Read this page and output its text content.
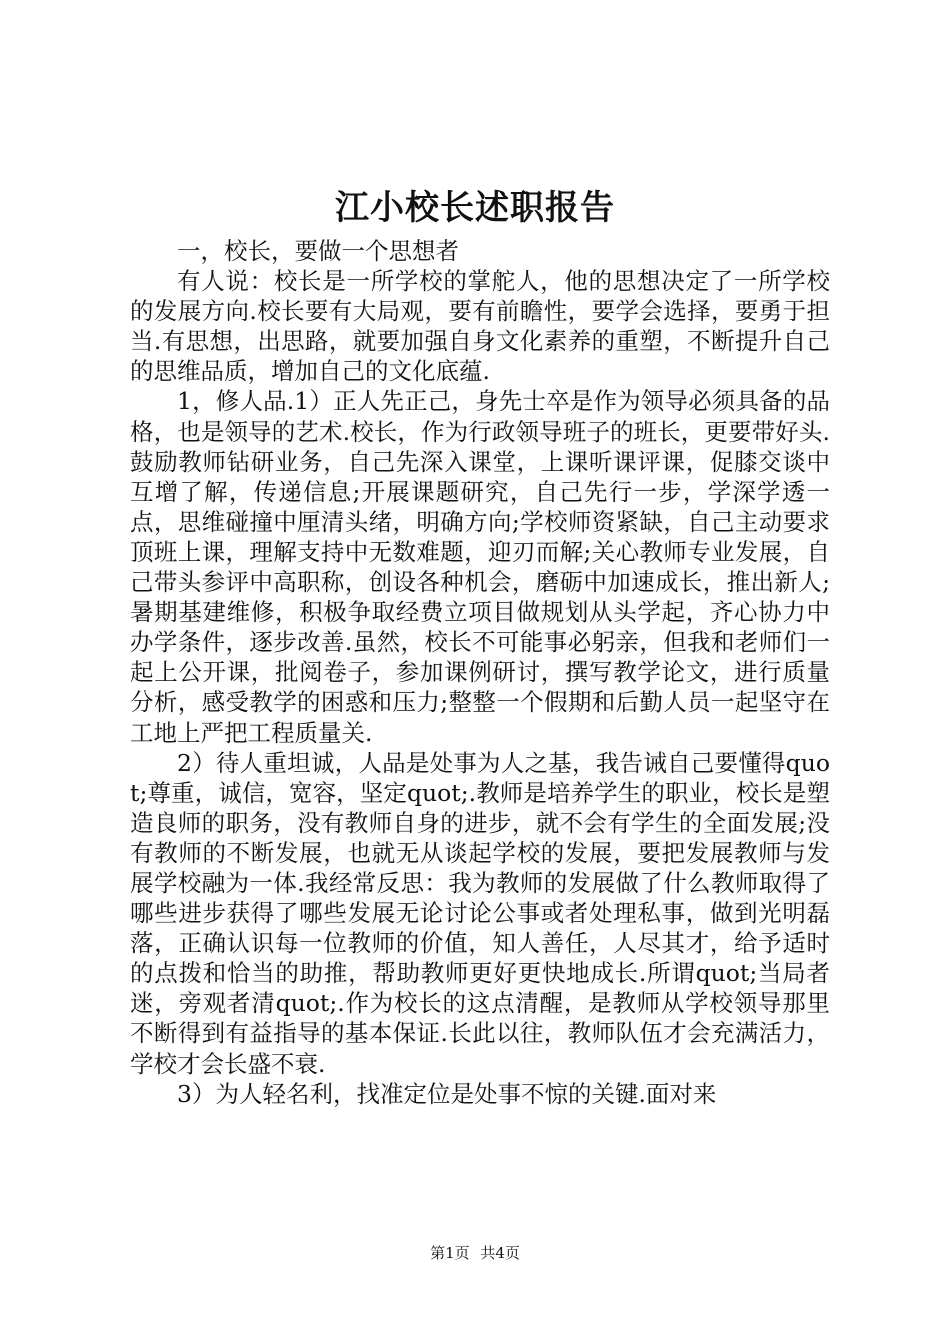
江小校长述职报告

一，校长，要做一个思想者

有人说：校长是一所学校的掌舵人，他的思想决定了一所学校的发展方向.校长要有大局观，要有前瞻性，要学会选择，要勇于担当.有思想，出思路，就要加强自身文化素养的重塑，不断提升自己的思维品质，增加自己的文化底蕴.

1，修人品.1）正人先正己，身先士卒是作为领导必须具备的品格，也是领导的艺术.校长，作为行政领导班子的班长，更要带好头.鼓励教师钻研业务，自己先深入课堂，上课听课评课，促膝交谈中互增了解，传递信息;开展课题研究，自己先行一步，学深学透一点，思维碰撞中厘清头绪，明确方向;学校师资紧缺，自己主动要求顶班上课，理解支持中无数难题，迎刃而解;关心教师专业发展，自己带头参评中高职称，创设各种机会，磨砺中加速成长，推出新人;暑期基建维修，积极争取经费立项目做规划从头学起，齐心协力中办学条件，逐步改善.虽然，校长不可能事必躬亲，但我和老师们一起上公开课，批阅卷子，参加课例研讨，撰写教学论文，进行质量分析，感受教学的困惑和压力;整整一个假期和后勤人员一起坚守在工地上严把工程质量关.

2）待人重坦诚，人品是处事为人之基，我告诫自己要懂得quot;尊重，诚信，宽容，坚定quot;.教师是培养学生的职业，校长是塑造良师的职务，没有教师自身的进步，就不会有学生的全面发展;没有教师的不断发展，也就无从谈起学校的发展，要把发展教师与发展学校融为一体.我经常反思：我为教师的发展做了什么教师取得了哪些进步获得了哪些发展无论讨论公事或者处理私事，做到光明磊落，正确认识每一位教师的价值，知人善任，人尽其才，给予适时的点拨和恰当的助推，帮助教师更好更快地成长.所谓quot;当局者迷，旁观者清quot;.作为校长的这点清醒，是教师从学校领导那里不断得到有益指导的基本保证.长此以往，教师队伍才会充满活力，学校才会长盛不衰.

3）为人轻名利，找准定位是处事不惊的关键.面对来

第1页 共4页
